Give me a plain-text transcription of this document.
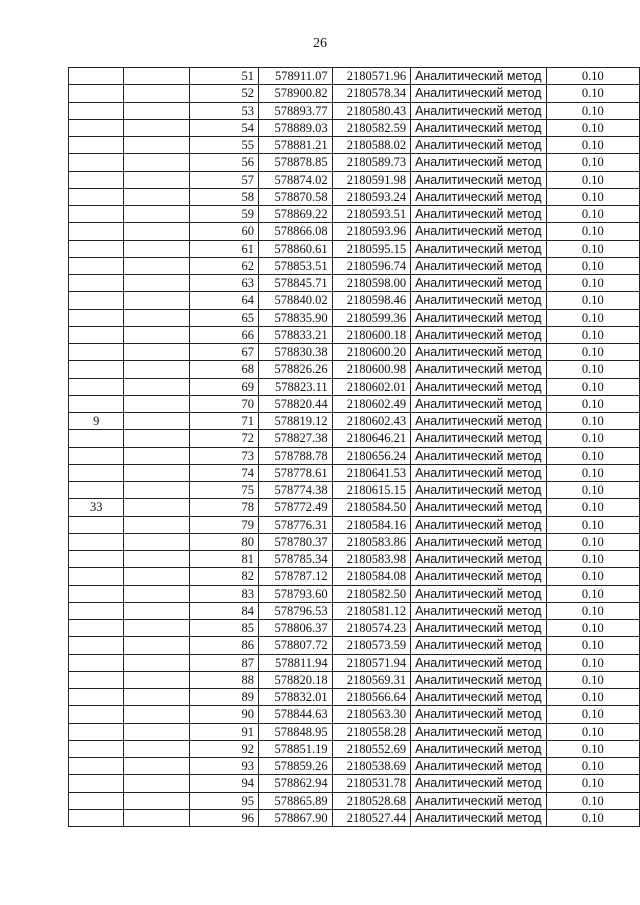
26
		51	578911.07	2180571.96	Аналитический метод	0.10
		52	578900.82	2180578.34	Аналитический метод	0.10
		53	578893.77	2180580.43	Аналитический метод	0.10
		54	578889.03	2180582.59	Аналитический метод	0.10
		55	578881.21	2180588.02	Аналитический метод	0.10
		56	578878.85	2180589.73	Аналитический метод	0.10
		57	578874.02	2180591.98	Аналитический метод	0.10
		58	578870.58	2180593.24	Аналитический метод	0.10
		59	578869.22	2180593.51	Аналитический метод	0.10
		60	578866.08	2180593.96	Аналитический метод	0.10
		61	578860.61	2180595.15	Аналитический метод	0.10
		62	578853.51	2180596.74	Аналитический метод	0.10
		63	578845.71	2180598.00	Аналитический метод	0.10
		64	578840.02	2180598.46	Аналитический метод	0.10
		65	578835.90	2180599.36	Аналитический метод	0.10
		66	578833.21	2180600.18	Аналитический метод	0.10
		67	578830.38	2180600.20	Аналитический метод	0.10
		68	578826.26	2180600.98	Аналитический метод	0.10
		69	578823.11	2180602.01	Аналитический метод	0.10
		70	578820.44	2180602.49	Аналитический метод	0.10
9		71	578819.12	2180602.43	Аналитический метод	0.10
		72	578827.38	2180646.21	Аналитический метод	0.10
		73	578788.78	2180656.24	Аналитический метод	0.10
		74	578778.61	2180641.53	Аналитический метод	0.10
		75	578774.38	2180615.15	Аналитический метод	0.10
33		78	578772.49	2180584.50	Аналитический метод	0.10
		79	578776.31	2180584.16	Аналитический метод	0.10
		80	578780.37	2180583.86	Аналитический метод	0.10
		81	578785.34	2180583.98	Аналитический метод	0.10
		82	578787.12	2180584.08	Аналитический метод	0.10
		83	578793.60	2180582.50	Аналитический метод	0.10
		84	578796.53	2180581.12	Аналитический метод	0.10
		85	578806.37	2180574.23	Аналитический метод	0.10
		86	578807.72	2180573.59	Аналитический метод	0.10
		87	578811.94	2180571.94	Аналитический метод	0.10
		88	578820.18	2180569.31	Аналитический метод	0.10
		89	578832.01	2180566.64	Аналитический метод	0.10
		90	578844.63	2180563.30	Аналитический метод	0.10
		91	578848.95	2180558.28	Аналитический метод	0.10
		92	578851.19	2180552.69	Аналитический метод	0.10
		93	578859.26	2180538.69	Аналитический метод	0.10
		94	578862.94	2180531.78	Аналитический метод	0.10
		95	578865.89	2180528.68	Аналитический метод	0.10
		96	578867.90	2180527.44	Аналитический метод	0.10
